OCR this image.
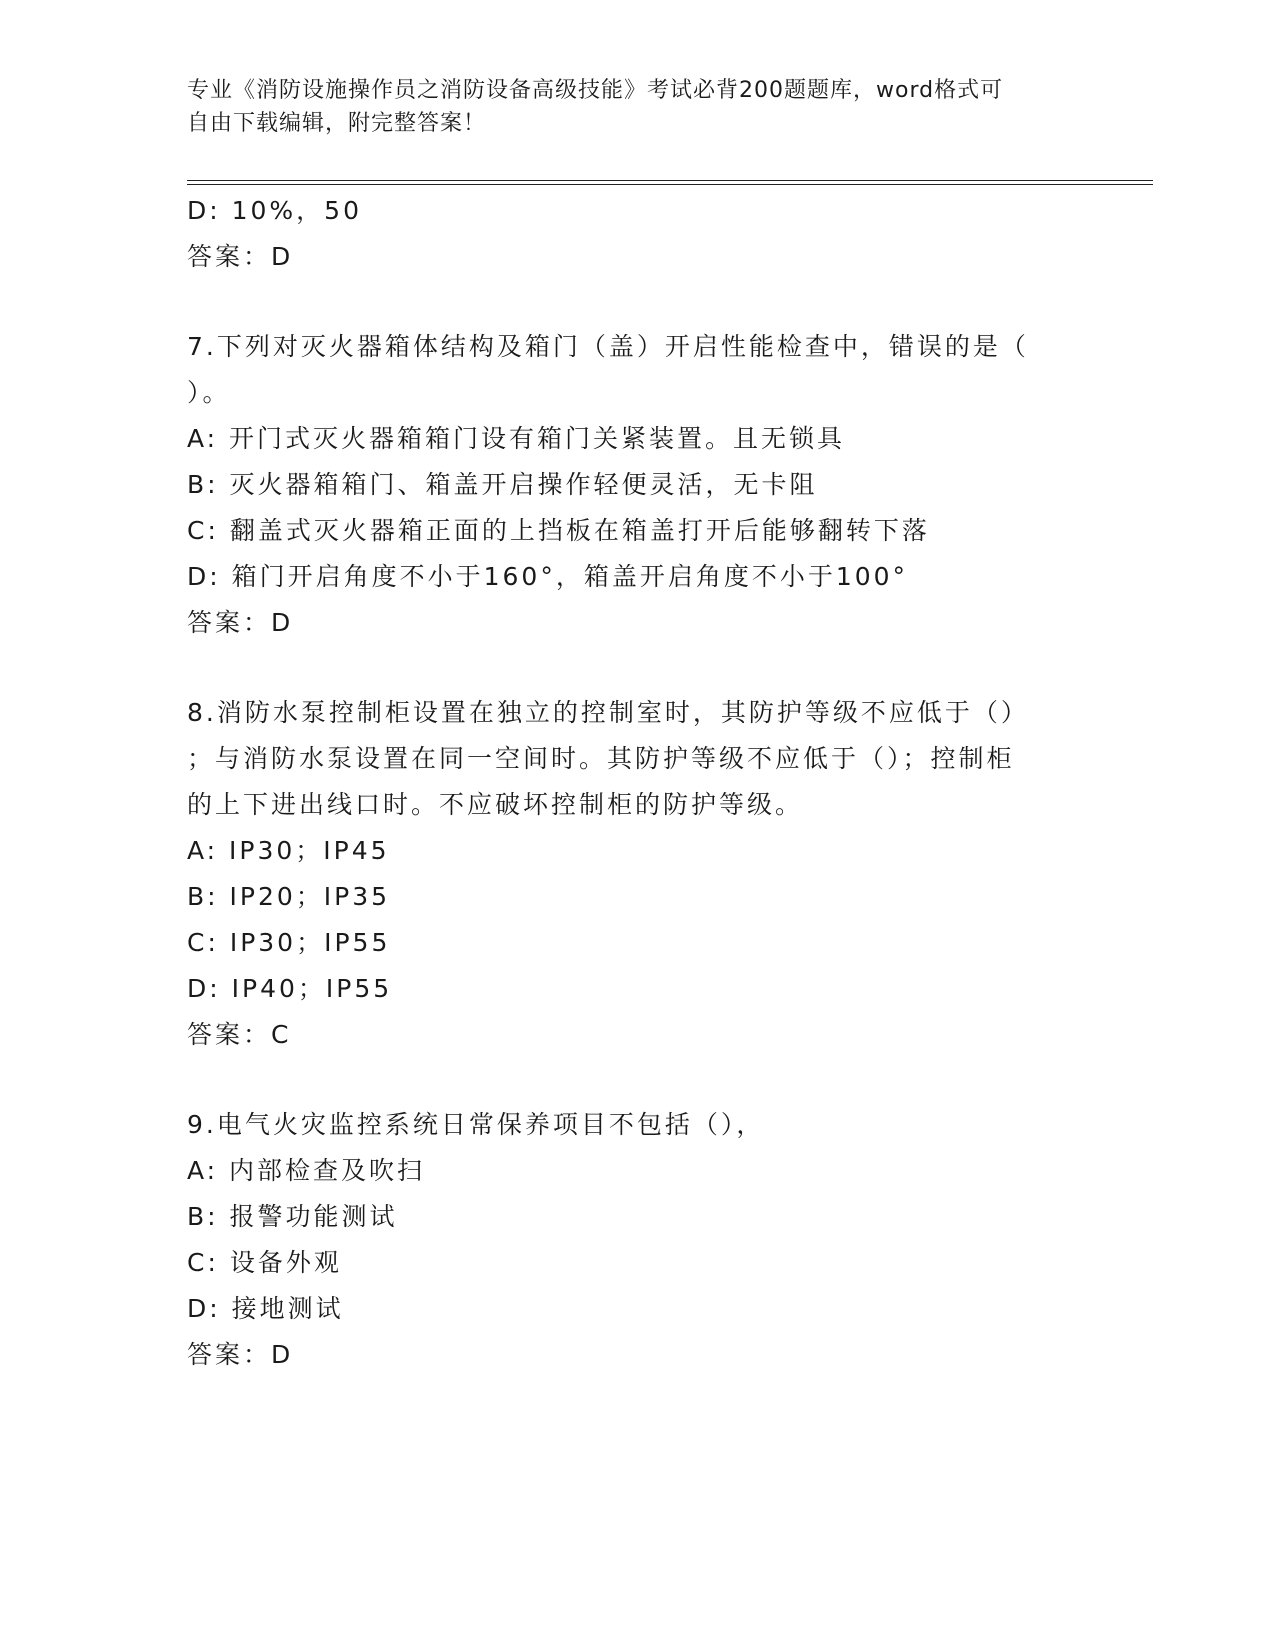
专业《消防设施操作员之消防设备高级技能》考试必背200题题库，word格式可
自由下载编辑，附完整答案！
D: 10%，50
答案：D
7.下列对灭火器箱体结构及箱门（盖）开启性能检查中，错误的是（
）。
A: 开门式灭火器箱箱门设有箱门关紧装置。且无锁具
B: 灭火器箱箱门、箱盖开启操作轻便灵活，无卡阻
C: 翻盖式灭火器箱正面的上挡板在箱盖打开后能够翻转下落
D: 箱门开启角度不小于160°，箱盖开启角度不小于100°
答案：D
8.消防水泵控制柜设置在独立的控制室时，其防护等级不应低于（）
；与消防水泵设置在同一空间时。其防护等级不应低于（）；控制柜
的上下进出线口时。不应破坏控制柜的防护等级。
A: IP30；IP45
B: IP20；IP35
C: IP30；IP55
D: IP40；IP55
答案：C
9.电气火灾监控系统日常保养项目不包括（），
A: 内部检查及吹扫
B: 报警功能测试
C: 设备外观
D: 接地测试
答案：D
